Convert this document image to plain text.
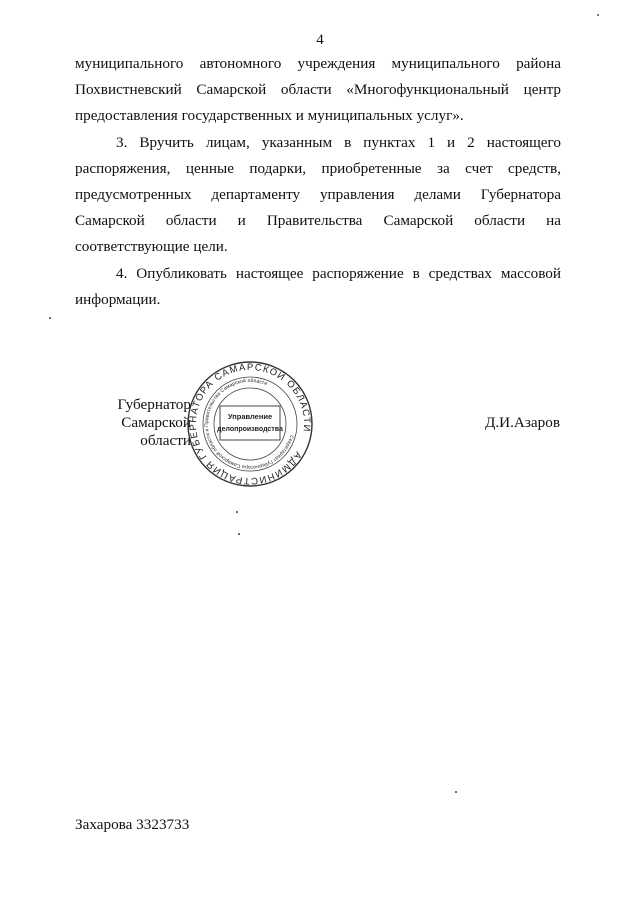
4

муниципального автономного учреждения муниципального района Похвистневский Самарской области «Многофункциональный центр предоставления государственных и муниципальных услуг».

3. Вручить лицам, указанным в пунктах 1 и 2 настоящего распоряжения, ценные подарки, приобретенные за счет средств, предусмотренных департаменту управления делами Губернатора Самарской области и Правительства Самарской области на соответствующие цели.

4. Опубликовать настоящее распоряжение в средствах массовой информации.

Губернатор
Самарской области
АДМИНИСТРАЦИЯ ГУБЕРНАТОРА САМАРСКОЙ ОБЛАСТИ
Секретариат Губернатора Самарской области и Правительства Самарской области
Управление
делопроизводства	Д.И.Азаров
Захарова 3323733
